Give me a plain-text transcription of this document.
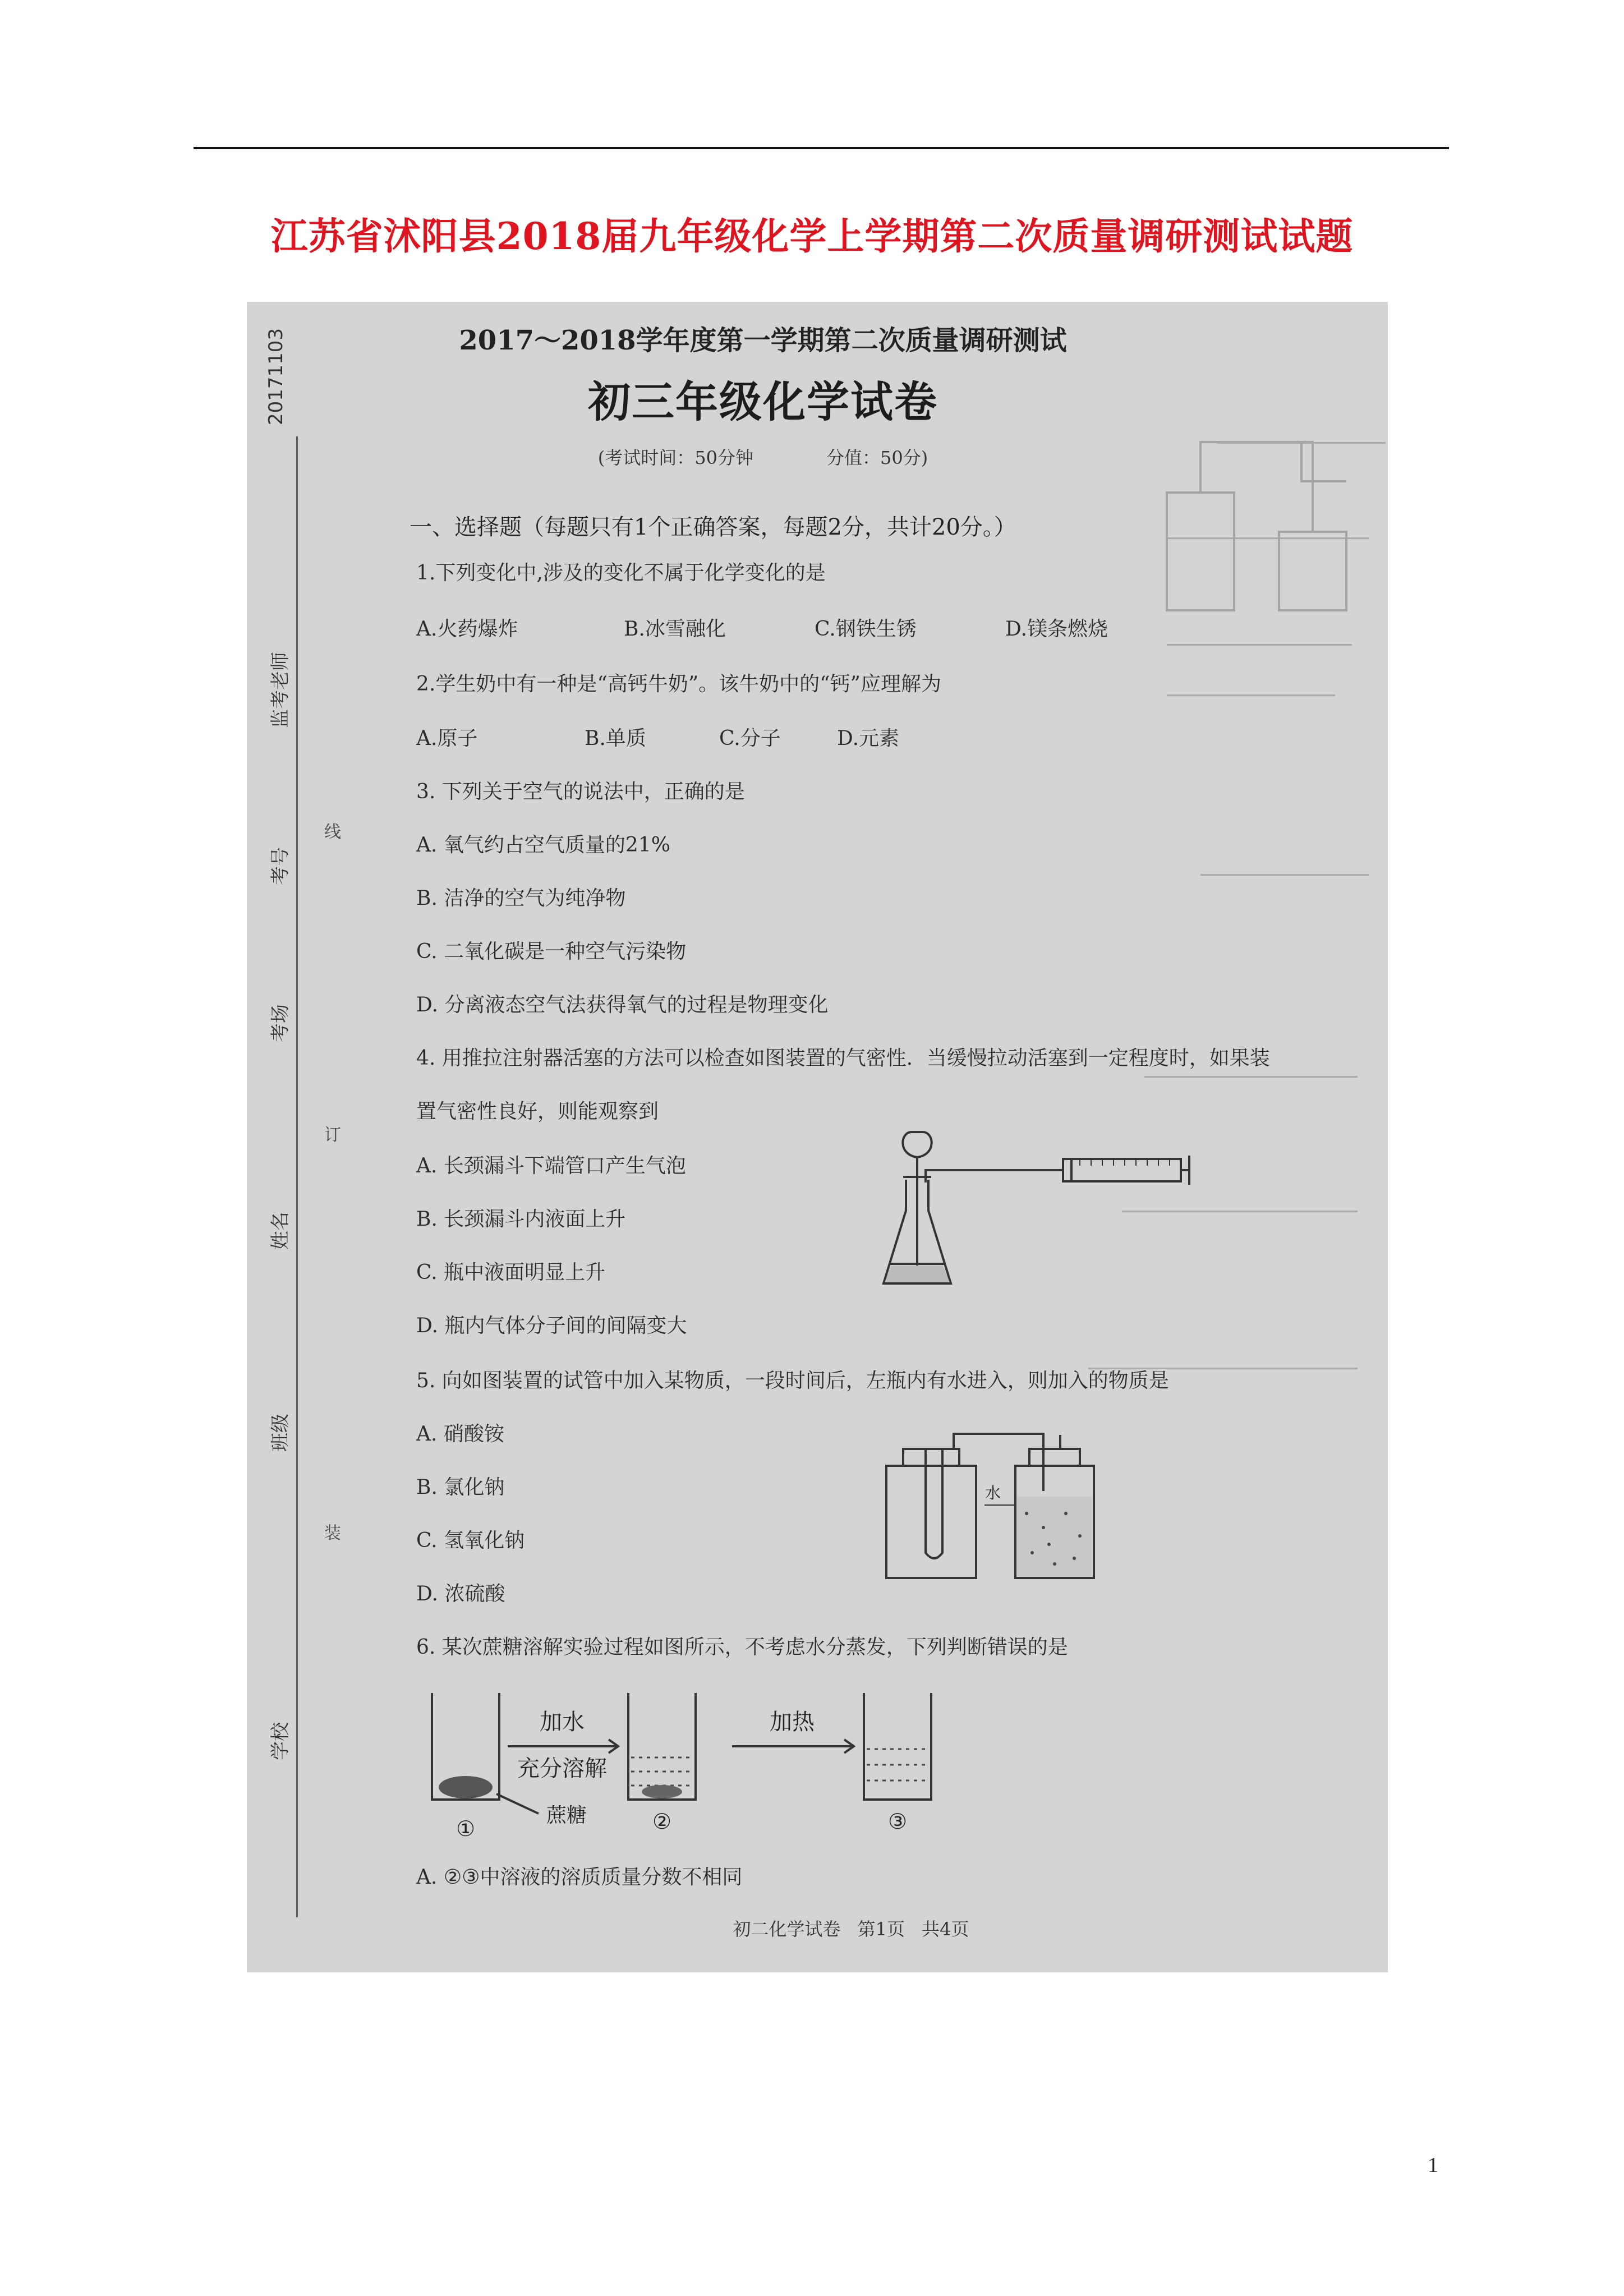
江苏省沭阳县2018届九年级化学上学期第二次质量调研测试试题
20171103
监考老师
考号
考场
姓名
班级
学校
线
订
装
2017～2018学年度第一学期第二次质量调研测试
初三年级化学试卷
(考试时间：50分钟	分值：50分)
一、选择题（每题只有1个正确答案，每题2分，共计20分。）
1.下列变化中,涉及的变化不属于化学变化的是
A.火药爆炸	B.冰雪融化	C.钢铁生锈	D.镁条燃烧
2.学生奶中有一种是“高钙牛奶”。该牛奶中的“钙”应理解为
A.原子	B.单质	C.分子	D.元素
3. 下列关于空气的说法中，正确的是
A. 氧气约占空气质量的21%
B. 洁净的空气为纯净物
C. 二氧化碳是一种空气污染物
D. 分离液态空气法获得氧气的过程是物理变化
4. 用推拉注射器活塞的方法可以检查如图装置的气密性．当缓慢拉动活塞到一定程度时，如果装
置气密性良好，则能观察到
A. 长颈漏斗下端管口产生气泡
B. 长颈漏斗内液面上升
C. 瓶中液面明显上升
D. 瓶内气体分子间的间隔变大
5. 向如图装置的试管中加入某物质，一段时间后，左瓶内有水进入，则加入的物质是
A. 硝酸铵
B. 氯化钠
C. 氢氧化钠
D. 浓硫酸
水
6. 某次蔗糖溶解实验过程如图所示，不考虑水分蒸发，下列判断错误的是
加水
充分溶解
加热
蔗糖
①	②	③
A. ②③中溶液的溶质质量分数不相同
初二化学试卷 第1页 共4页
1
